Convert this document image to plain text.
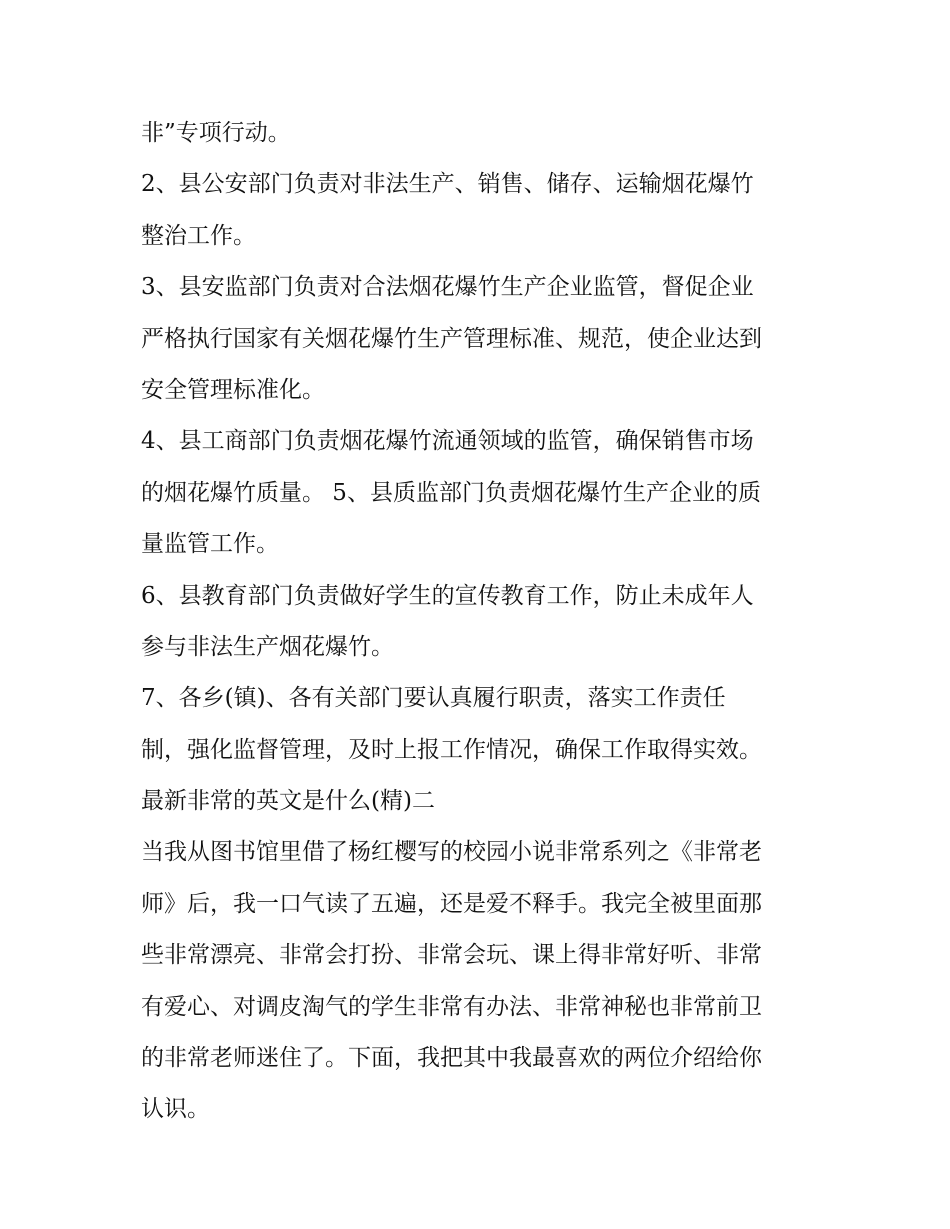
非”专项行动。
2、县公安部门负责对非法生产、销售、储存、运输烟花爆竹
整治工作。
3、县安监部门负责对合法烟花爆竹生产企业监管，督促企业
严格执行国家有关烟花爆竹生产管理标准、规范，使企业达到
安全管理标准化。
4、县工商部门负责烟花爆竹流通领域的监管，确保销售市场
的烟花爆竹质量。 5、县质监部门负责烟花爆竹生产企业的质
量监管工作。
6、县教育部门负责做好学生的宣传教育工作，防止未成年人
参与非法生产烟花爆竹。
7、各乡(镇)、各有关部门要认真履行职责，落实工作责任
制，强化监督管理，及时上报工作情况，确保工作取得实效。
最新非常的英文是什么(精)二
当我从图书馆里借了杨红樱写的校园小说非常系列之《非常老
师》后，我一口气读了五遍，还是爱不释手。我完全被里面那
些非常漂亮、非常会打扮、非常会玩、课上得非常好听、非常
有爱心、对调皮淘气的学生非常有办法、非常神秘也非常前卫
的非常老师迷住了。下面，我把其中我最喜欢的两位介绍给你
认识。
